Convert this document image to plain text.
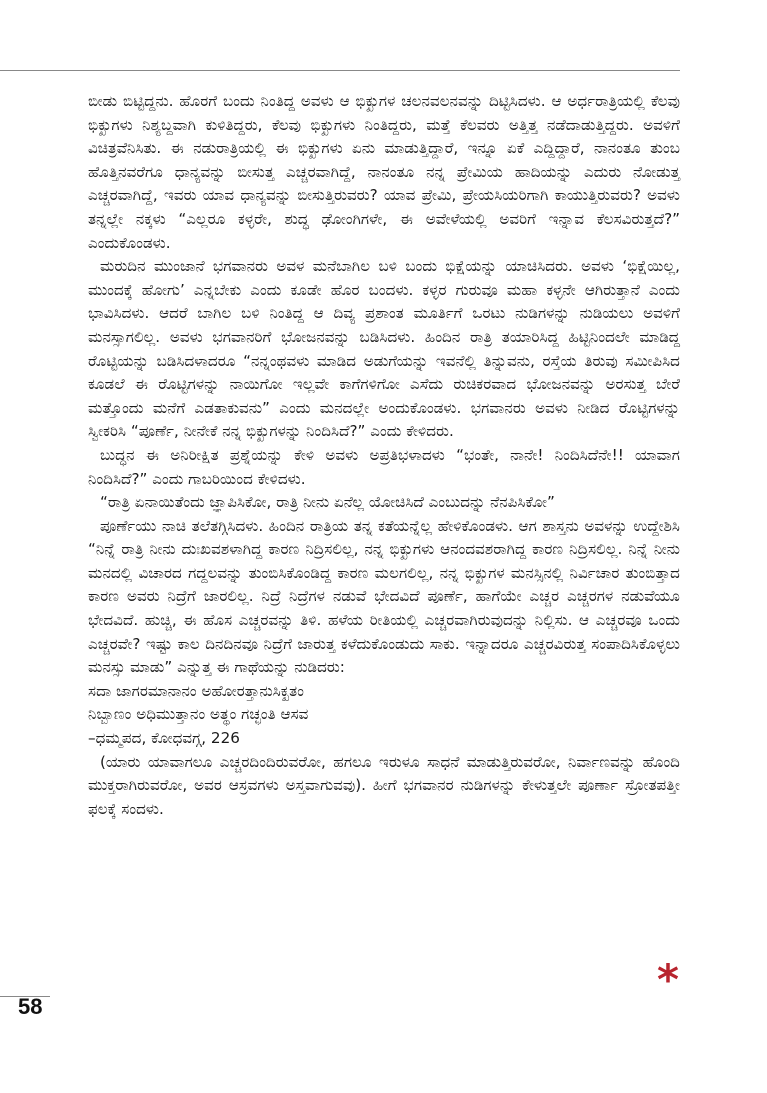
ಬೀಡು ಬಿಟ್ಟಿದ್ದನು. ಹೊರಗೆ ಬಂದು ನಿಂತಿದ್ದ ಅವಳು ಆ ಭಿಕ್ಖುಗಳ ಚಲನವಲನವನ್ನು ದಿಟ್ಟಿಸಿದಳು. ಆ ಅರ್ಧರಾತ್ರಿಯಲ್ಲಿ ಕೆಲವು ಭಿಕ್ಖುಗಳು ನಿಶ್ಯಬ್ದವಾಗಿ ಕುಳಿತಿದ್ದರು, ಕೆಲವು ಭಿಕ್ಖುಗಳು ನಿಂತಿದ್ದರು, ಮತ್ತೆ ಕೆಲವರು ಅತ್ತಿತ್ತ ನಡೆದಾಡುತ್ತಿದ್ದರು. ಅವಳಿಗೆ ವಿಚಿತ್ರವೆನಿಸಿತು. ಈ ನಡುರಾತ್ರಿಯಲ್ಲಿ ಈ ಭಿಕ್ಖುಗಳು ಏನು ಮಾಡುತ್ತಿದ್ದಾರೆ, ಇನ್ನೂ ಏಕೆ ಎದ್ದಿದ್ದಾರೆ, ನಾನಂತೂ ತುಂಬ ಹೊತ್ತಿನವರೆಗೂ ಧಾನ್ಯವನ್ನು ಬೀಸುತ್ತ ಎಚ್ಚರವಾಗಿದ್ದೆ, ನಾನಂತೂ ನನ್ನ ಪ್ರೇಮಿಯ ಹಾದಿಯನ್ನು ಎದುರು ನೋಡುತ್ತ ಎಚ್ಚರವಾಗಿದ್ದೆ, ಇವರು ಯಾವ ಧಾನ್ಯವನ್ನು ಬೀಸುತ್ತಿರುವರು? ಯಾವ ಪ್ರೇಮಿ, ಪ್ರೇಯಸಿಯರಿಗಾಗಿ ಕಾಯುತ್ತಿರುವರು? ಅವಳು ತನ್ನಲ್ಲೇ ನಕ್ಕಳು “ಎಲ್ಲರೂ ಕಳ್ಳರೇ, ಶುದ್ಧ ಢೋಂಗಿಗಳೇ, ಈ ಅವೇಳೆಯಲ್ಲಿ ಅವರಿಗೆ ಇನ್ನಾವ ಕೆಲಸವಿರುತ್ತದೆ?” ಎಂದುಕೊಂಡಳು.

ಮರುದಿನ ಮುಂಜಾನೆ ಭಗವಾನರು ಅವಳ ಮನೆಬಾಗಿಲ ಬಳಿ ಬಂದು ಭಿಕ್ಷೆಯನ್ನು ಯಾಚಿಸಿದರು. ಅವಳು ‘ಭಿಕ್ಷೆಯಿಲ್ಲ, ಮುಂದಕ್ಕೆ ಹೋಗು’ ಎನ್ನಬೇಕು ಎಂದು ಕೂಡೇ ಹೊರ ಬಂದಳು. ಕಳ್ಳರ ಗುರುವೂ ಮಹಾ ಕಳ್ಳನೇ ಆಗಿರುತ್ತಾನೆ ಎಂದು ಭಾವಿಸಿದಳು. ಆದರೆ ಬಾಗಿಲ ಬಳಿ ನಿಂತಿದ್ದ ಆ ದಿವ್ಯ ಪ್ರಶಾಂತ ಮೂರ್ತಿಗೆ ಒರಟು ನುಡಿಗಳನ್ನು ನುಡಿಯಲು ಅವಳಿಗೆ ಮನಸ್ಸಾಗಲಿಲ್ಲ. ಅವಳು ಭಗವಾನರಿಗೆ ಭೋಜನವನ್ನು ಬಡಿಸಿದಳು. ಹಿಂದಿನ ರಾತ್ರಿ ತಯಾರಿಸಿದ್ದ ಹಿಟ್ಟಿನಿಂದಲೇ ಮಾಡಿದ್ದ ರೊಟ್ಟಿಯನ್ನು ಬಡಿಸಿದಳಾದರೂ “ನನ್ನಂಥವಳು ಮಾಡಿದ ಅಡುಗೆಯನ್ನು ಇವನೆಲ್ಲಿ ತಿನ್ನುವನು, ರಸ್ತೆಯ ತಿರುವು ಸಮೀಪಿಸಿದ ಕೂಡಲೆ ಈ ರೊಟ್ಟಿಗಳನ್ನು ನಾಯಿಗೋ ಇಲ್ಲವೇ ಕಾಗೆಗಳಿಗೋ ಎಸೆದು ರುಚಿಕರವಾದ ಭೋಜನವನ್ನು ಅರಸುತ್ತ ಬೇರೆ ಮತ್ತೊಂದು ಮನೆಗೆ ಎಡತಾಕುವನು” ಎಂದು ಮನದಲ್ಲೇ ಅಂದುಕೊಂಡಳು. ಭಗವಾನರು ಅವಳು ನೀಡಿದ ರೊಟ್ಟಿಗಳನ್ನು ಸ್ವೀಕರಿಸಿ “ಪೂರ್ಣೆ, ನೀನೇಕೆ ನನ್ನ ಭಿಕ್ಖುಗಳನ್ನು ನಿಂದಿಸಿದೆ?” ಎಂದು ಕೇಳಿದರು.

ಬುದ್ಧನ ಈ ಅನಿರೀಕ್ಷಿತ ಪ್ರಶ್ನೆಯನ್ನು ಕೇಳಿ ಅವಳು ಅಪ್ರತಿಭಳಾದಳು “ಭಂತೇ, ನಾನೇ! ನಿಂದಿಸಿದೆನೇ!! ಯಾವಾಗ ನಿಂದಿಸಿದೆ?” ಎಂದು ಗಾಬರಿಯಿಂದ ಕೇಳಿದಳು.

“ರಾತ್ರಿ ಏನಾಯಿತೆಂದು ಜ್ಞಾಪಿಸಿಕೋ, ರಾತ್ರಿ ನೀನು ಏನೆಲ್ಲ ಯೋಚಿಸಿದೆ ಎಂಬುದನ್ನು ನೆನಪಿಸಿಕೋ”

ಪೂರ್ಣೆಯು ನಾಚಿ ತಲೆತಗ್ಗಿಸಿದಳು. ಹಿಂದಿನ ರಾತ್ರಿಯ ತನ್ನ ಕತೆಯನ್ನೆಲ್ಲ ಹೇಳಿಕೊಂಡಳು. ಆಗ ಶಾಸ್ತನು ಅವಳನ್ನು ಉದ್ದೇಶಿಸಿ “ನಿನ್ನೆ ರಾತ್ರಿ ನೀನು ದುಃಖವಶಳಾಗಿದ್ದ ಕಾರಣ ನಿದ್ರಿಸಲಿಲ್ಲ, ನನ್ನ ಭಿಕ್ಖುಗಳು ಆನಂದವಶರಾಗಿದ್ದ ಕಾರಣ ನಿದ್ರಿಸಲಿಲ್ಲ. ನಿನ್ನೆ ನೀನು ಮನದಲ್ಲಿ ವಿಚಾರದ ಗದ್ದಲವನ್ನು ತುಂಬಿಸಿಕೊಂಡಿದ್ದ ಕಾರಣ ಮಲಗಲಿಲ್ಲ, ನನ್ನ ಭಿಕ್ಖುಗಳ ಮನಸ್ಸಿನಲ್ಲಿ ನಿರ್ವಿಚಾರ ತುಂಬಿತ್ತಾದ ಕಾರಣ ಅವರು ನಿದ್ರೆಗೆ ಜಾರಲಿಲ್ಲ. ನಿದ್ರೆ ನಿದ್ರೆಗಳ ನಡುವೆ ಭೇದವಿದೆ ಪೂರ್ಣೆ, ಹಾಗೆಯೇ ಎಚ್ಚರ ಎಚ್ಚರಗಳ ನಡುವೆಯೂ ಭೇದವಿದೆ. ಹುಚ್ಚಿ, ಈ ಹೊಸ ಎಚ್ಚರವನ್ನು ತಿಳಿ. ಹಳೆಯ ರೀತಿಯಲ್ಲಿ ಎಚ್ಚರವಾಗಿರುವುದನ್ನು ನಿಲ್ಲಿಸು. ಆ ಎಚ್ಚರವೂ ಒಂದು ಎಚ್ಚರವೇ? ಇಷ್ಟು ಕಾಲ ದಿನದಿನವೂ ನಿದ್ರೆಗೆ ಜಾರುತ್ತ ಕಳೆದುಕೊಂಡುದು ಸಾಕು. ಇನ್ನಾದರೂ ಎಚ್ಚರವಿರುತ್ತ ಸಂಪಾದಿಸಿಕೊಳ್ಳಲು ಮನಸ್ಸು ಮಾಡು” ಎನ್ನುತ್ತ ಈ ಗಾಥೆಯನ್ನು ನುಡಿದರು:

ಸದಾ ಜಾಗರಮಾನಾನಂ ಅಹೋರತ್ತಾನುಸಿಕ್ಖತಂ

ನಿಬ್ಬಾಣಂ ಅಧಿಮುತ್ತಾನಂ ಅತ್ಥಂ ಗಚ್ಛಂತಿ ಆಸವ

–ಧಮ್ಮಪದ, ಕೋಧವಗ್ಗ, 226

(ಯಾರು ಯಾವಾಗಲೂ ಎಚ್ಚರದಿಂದಿರುವರೋ, ಹಗಲೂ ಇರುಳೂ ಸಾಧನೆ ಮಾಡುತ್ತಿರುವರೋ, ನಿರ್ವಾಣವನ್ನು ಹೊಂದಿ ಮುಕ್ತರಾಗಿರುವರೋ, ಅವರ ಆಸ್ರವಗಳು ಅಸ್ತವಾಗುವವು). ಹೀಗೆ ಭಗವಾನರ ನುಡಿಗಳನ್ನು ಕೇಳುತ್ತಲೇ ಪೂರ್ಣಾ ಸ್ರೋತಪತ್ತೀ ಫಲಕ್ಕೆ ಸಂದಳು.

*
58
